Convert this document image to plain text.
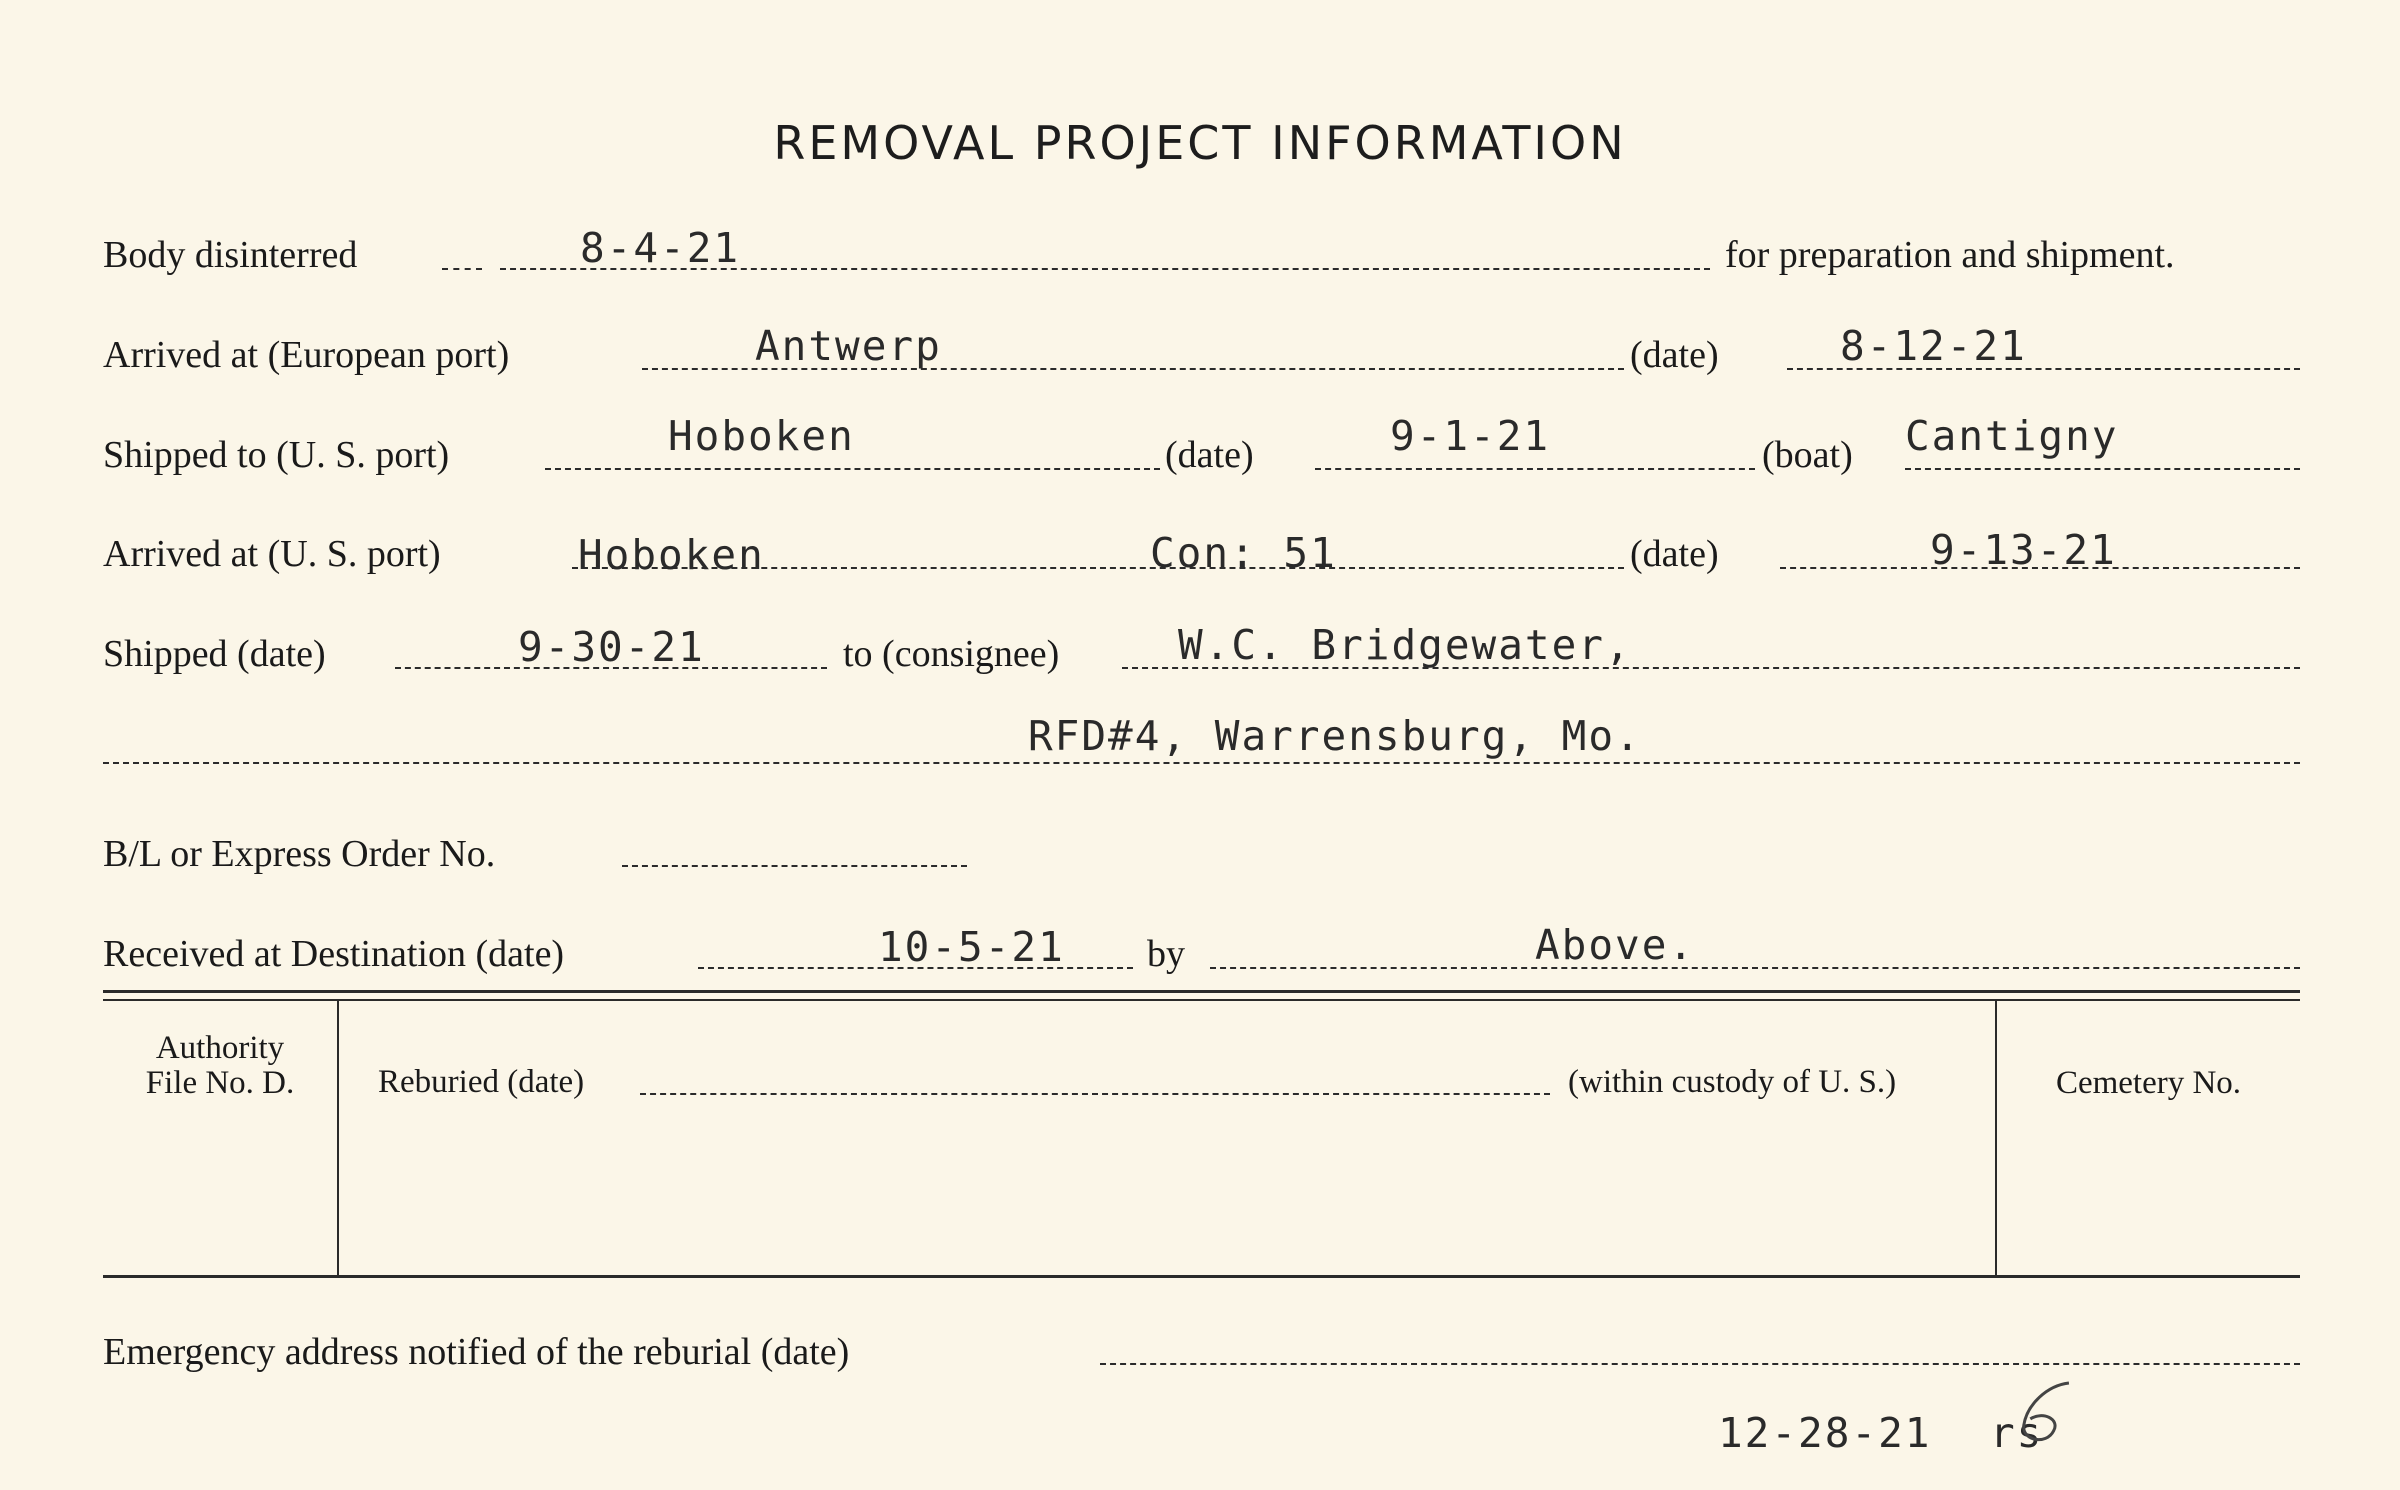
REMOVAL PROJECT INFORMATION
Body disinterred	8-4-21	for preparation and shipment.
Arrived at (European port)	Antwerp	(date)	8-12-21
Shipped to (U. S. port)	Hoboken	(date)	9-1-21	(boat) Cantigny
Arrived at (U. S. port)	Hoboken	Con: 51	(date)	9-13-21
Shipped (date)	9-30-21	to (consignee)	W.C. Bridgewater,
RFD#4, Warrensburg, Mo.
B/L or Express Order No.
Received at Destination (date)	10-5-21 by	Above.
Authority
File No. D.	Reburied (date)	(within custody of U. S.)	Cemetery No.
Emergency address notified of the reburial (date)
12-28-21 rs
